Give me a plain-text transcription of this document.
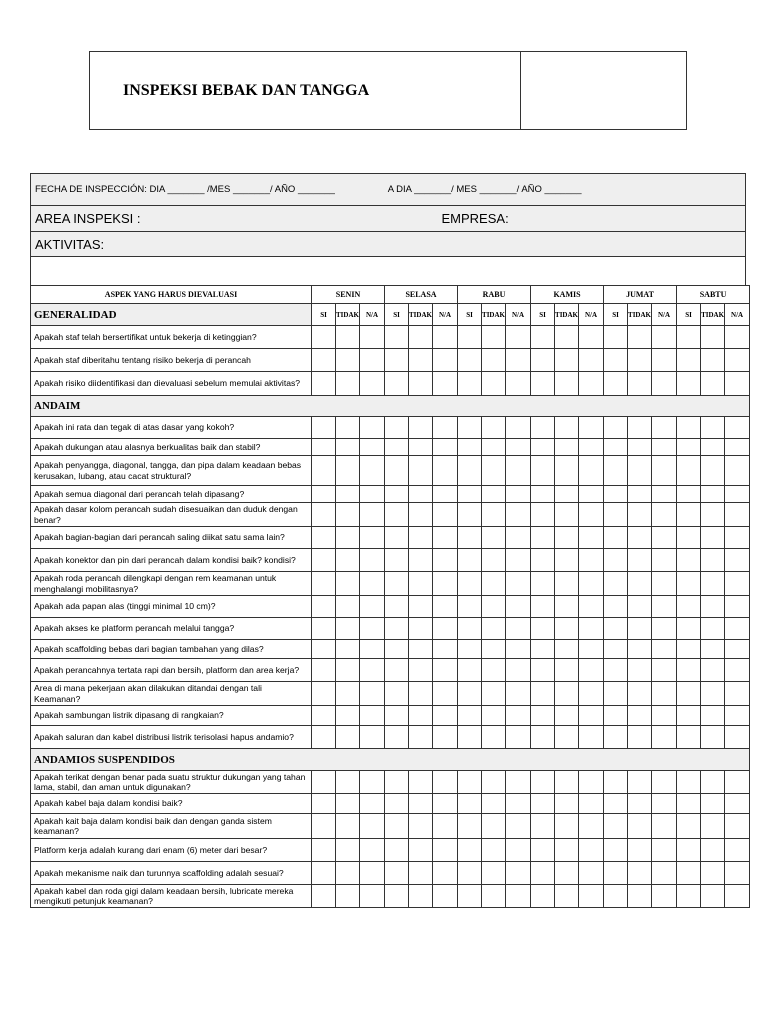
INSPEKSI BEBAK DAN TANGGA
FECHA DE INSPECCIÓN: DIA _______ /MES _______/ AÑO _______	A DIA _______/ MES _______/ AÑO _______
AREA INSPEKSI :	EMPRESA:

AKTIVITAS:

ASPEK YANG HARUS DIEVALUASI	SENIN			SELASA			RABU			KAMIS			JUMAT			SABTU		
GENERALIDAD	SI	TIDAK	N/A	SI	TIDAK	N/A	SI	TIDAK	N/A	SI	TIDAK	N/A	SI	TIDAK	N/A	SI	TIDAK	N/A
Apakah staf telah bersertifikat untuk bekerja di ketinggian?																		
Apakah staf diberitahu tentang risiko bekerja di perancah																		
Apakah risiko diidentifikasi dan dievaluasi sebelum memulai aktivitas?																		
ANDAIM																		
Apakah ini rata dan tegak di atas dasar yang kokoh?																		
Apakah dukungan atau alasnya berkualitas baik dan stabil?																		
Apakah penyangga, diagonal, tangga, dan pipa dalam keadaan bebas kerusakan, lubang, atau cacat struktural?																		
Apakah semua diagonal dari perancah telah dipasang?																		
Apakah dasar kolom perancah sudah disesuaikan dan duduk dengan benar?																		
Apakah bagian-bagian dari perancah saling diikat satu sama lain?																		
Apakah konektor dan pin dari perancah dalam kondisi baik? kondisi?																		
Apakah roda perancah dilengkapi dengan rem keamanan untuk menghalangi mobilitasnya?																		
Apakah ada papan alas (tinggi minimal 10 cm)?																		
Apakah akses ke platform perancah melalui tangga?																		
Apakah scaffolding bebas dari bagian tambahan yang dilas?																		
Apakah perancahnya tertata rapi dan bersih, platform dan area kerja?																		
Area di mana pekerjaan akan dilakukan ditandai dengan tali Keamanan?																		
Apakah sambungan listrik dipasang di rangkaian?																		
Apakah saluran dan kabel distribusi listrik terisolasi hapus andamio?																		
ANDAMIOS SUSPENDIDOS																		
Apakah terikat dengan benar pada suatu struktur dukungan yang tahan lama, stabil, dan aman untuk digunakan?																		
Apakah kabel baja dalam kondisi baik?																		
Apakah kait baja dalam kondisi baik dan dengan ganda sistem keamanan?																		
Platform kerja adalah kurang dari enam (6) meter dari besar?																		
Apakah mekanisme naik dan turunnya scaffolding adalah sesuai?																		
Apakah kabel dan roda gigi dalam keadaan bersih, lubricate mereka mengikuti petunjuk keamanan?																		
